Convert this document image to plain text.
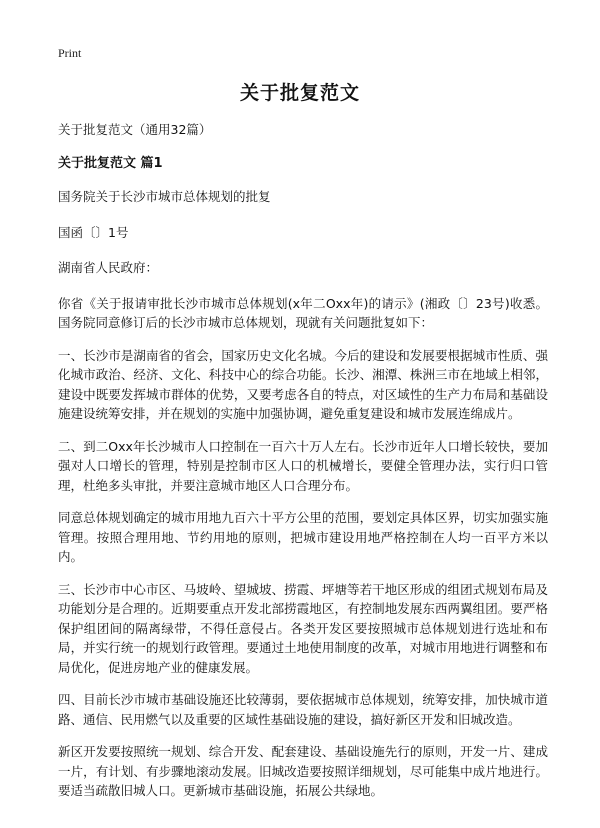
Print
关于批复范文

关于批复范文（通用32篇）

关于批复范文 篇1

国务院关于长沙市城市总体规划的批复

国函〔〕1号

湖南省人民政府：

你省《关于报请审批长沙市城市总体规划(x年二Oxx年)的请示》(湘政〔〕23号)收悉。国务院同意修订后的长沙市城市总体规划，现就有关问题批复如下：

一、长沙市是湖南省的省会，国家历史文化名城。今后的建设和发展要根据城市性质、强化城市政治、经济、文化、科技中心的综合功能。长沙、湘潭、株洲三市在地域上相邻，建设中既要发挥城市群体的优势，又要考虑各自的特点，对区域性的生产力布局和基础设施建设统筹安排，并在规划的实施中加强协调，避免重复建设和城市发展连绵成片。

二、到二Oxx年长沙城市人口控制在一百六十万人左右。长沙市近年人口增长较快，要加强对人口增长的管理，特别是控制市区人口的机械增长，要健全管理办法，实行归口管理，杜绝多头审批，并要注意城市地区人口合理分布。

同意总体规划确定的城市用地九百六十平方公里的范围，要划定具体区界，切实加强实施管理。按照合理用地、节约用地的原则，把城市建设用地严格控制在人均一百平方米以内。

三、长沙市中心市区、马坡岭、望城坡、捞霞、坪塘等若干地区形成的组团式规划布局及功能划分是合理的。近期要重点开发北部捞霞地区，有控制地发展东西两翼组团。要严格保护组团间的隔离绿带，不得任意侵占。各类开发区要按照城市总体规划进行选址和布局，并实行统一的规划行政管理。要通过土地使用制度的改革，对城市用地进行调整和布局优化，促进房地产业的健康发展。

四、目前长沙市城市基础设施还比较薄弱，要依据城市总体规划，统筹安排，加快城市道路、通信、民用燃气以及重要的区域性基础设施的建设，搞好新区开发和旧城改造。

新区开发要按照统一规划、综合开发、配套建设、基础设施先行的原则，开发一片、建成一片，有计划、有步骤地滚动发展。旧城改造要按照详细规划，尽可能集中成片地进行。要适当疏散旧城人口。更新城市基础设施，拓展公共绿地。
